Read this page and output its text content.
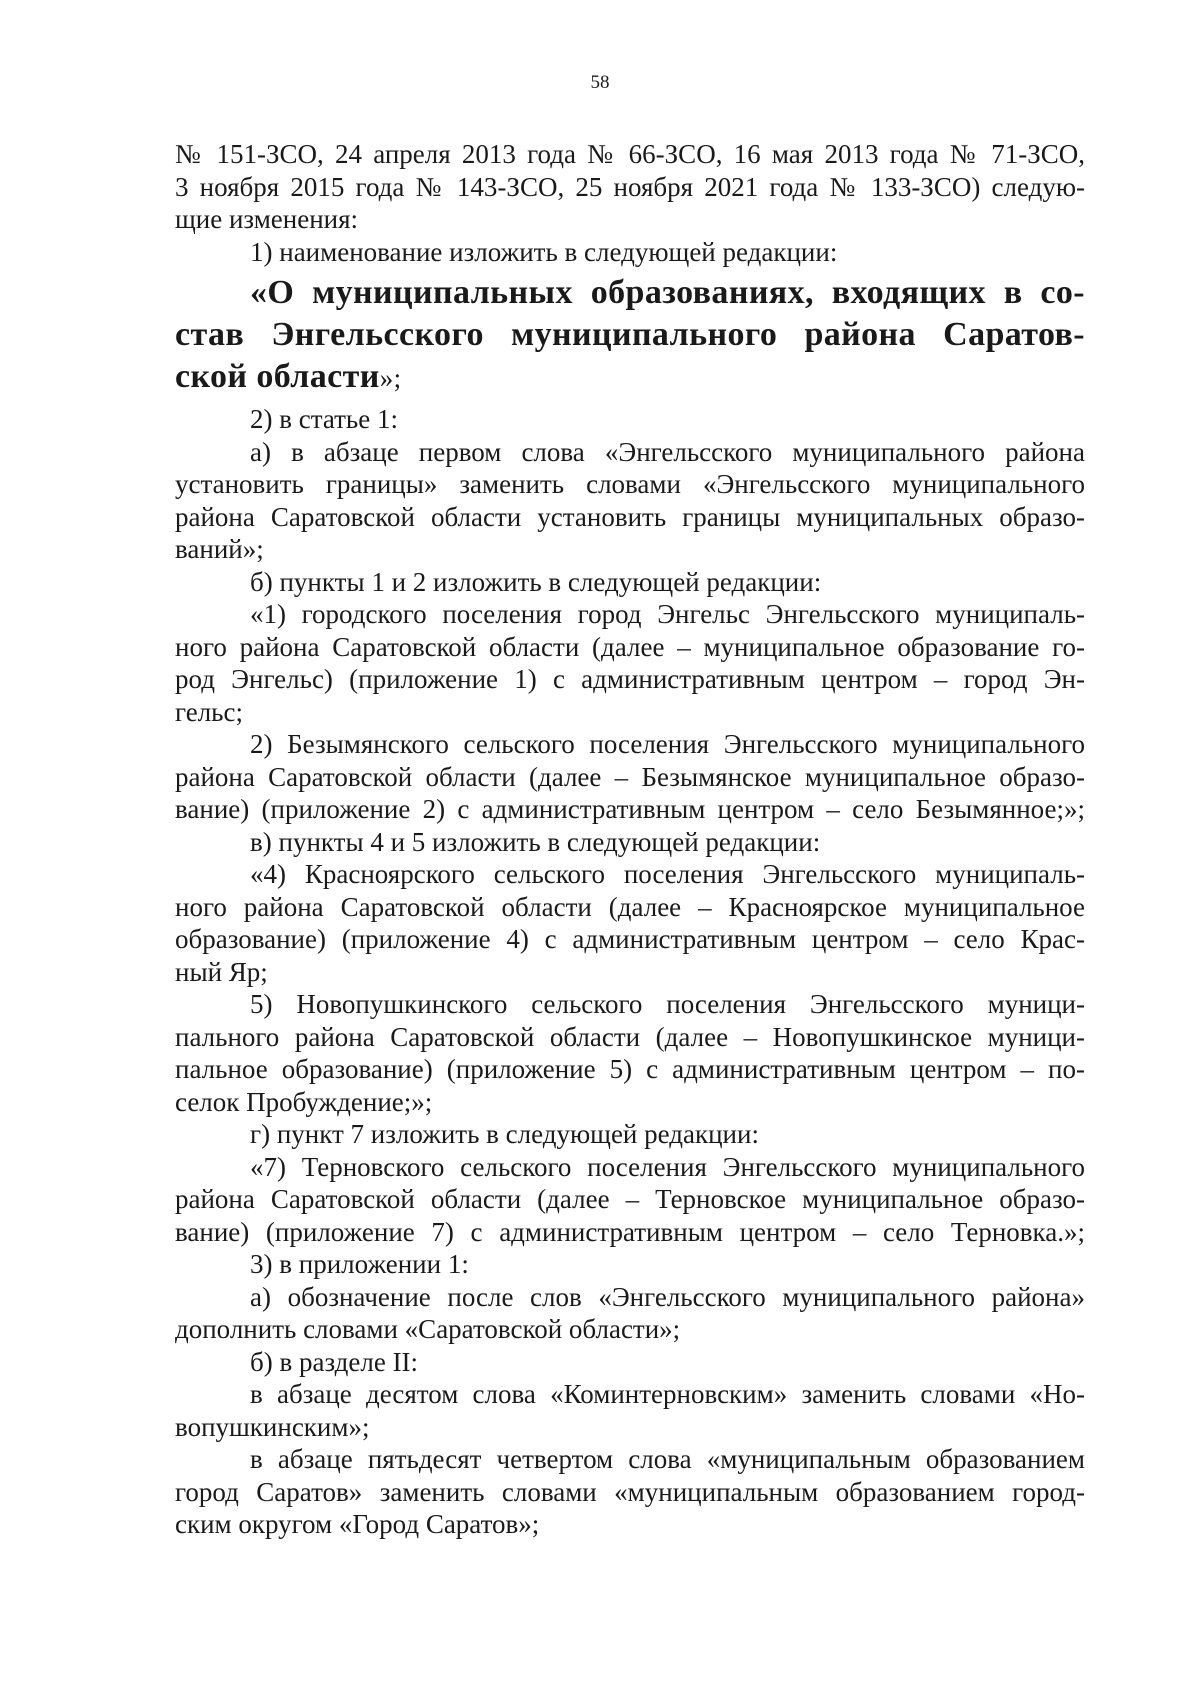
58
№ 151-ЗСО, 24 апреля 2013 года № 66-ЗСО, 16 мая 2013 года № 71-ЗСО,
3 ноября 2015 года № 143-ЗСО, 25 ноября 2021 года № 133-ЗСО) следую-
щие изменения:
1) наименование изложить в следующей редакции:
«О муниципальных образованиях, входящих в со-
став Энгельсского муниципального района Саратов-
ской области»;
2) в статье 1:
а) в абзаце первом слова «Энгельсского муниципального района
установить границы» заменить словами «Энгельсского муниципального
района Саратовской области установить границы муниципальных образо-
ваний»;
б) пункты 1 и 2 изложить в следующей редакции:
«1) городского поселения город Энгельс Энгельсского муниципаль-
ного района Саратовской области (далее – муниципальное образование го-
род Энгельс) (приложение 1) с административным центром – город Эн-
гельс;
2) Безымянского сельского поселения Энгельсского муниципального
района Саратовской области (далее – Безымянское муниципальное образо-
вание) (приложение 2) с административным центром – село Безымянное;»;
в) пункты 4 и 5 изложить в следующей редакции:
«4) Красноярского сельского поселения Энгельсского муниципаль-
ного района Саратовской области (далее – Красноярское муниципальное
образование) (приложение 4) с административным центром – село Крас-
ный Яр;
5) Новопушкинского сельского поселения Энгельсского муници-
пального района Саратовской области (далее – Новопушкинское муници-
пальное образование) (приложение 5) с административным центром – по-
селок Пробуждение;»;
г) пункт 7 изложить в следующей редакции:
«7) Терновского сельского поселения Энгельсского муниципального
района Саратовской области (далее – Терновское муниципальное образо-
вание) (приложение 7) с административным центром – село Терновка.»;
3) в приложении 1:
а) обозначение после слов «Энгельсского муниципального района»
дополнить словами «Саратовской области»;
б) в разделе II:
в абзаце десятом слова «Коминтерновским» заменить словами «Но-
вопушкинским»;
в абзаце пятьдесят четвертом слова «муниципальным образованием
город Саратов» заменить словами «муниципальным образованием город-
ским округом «Город Саратов»;
